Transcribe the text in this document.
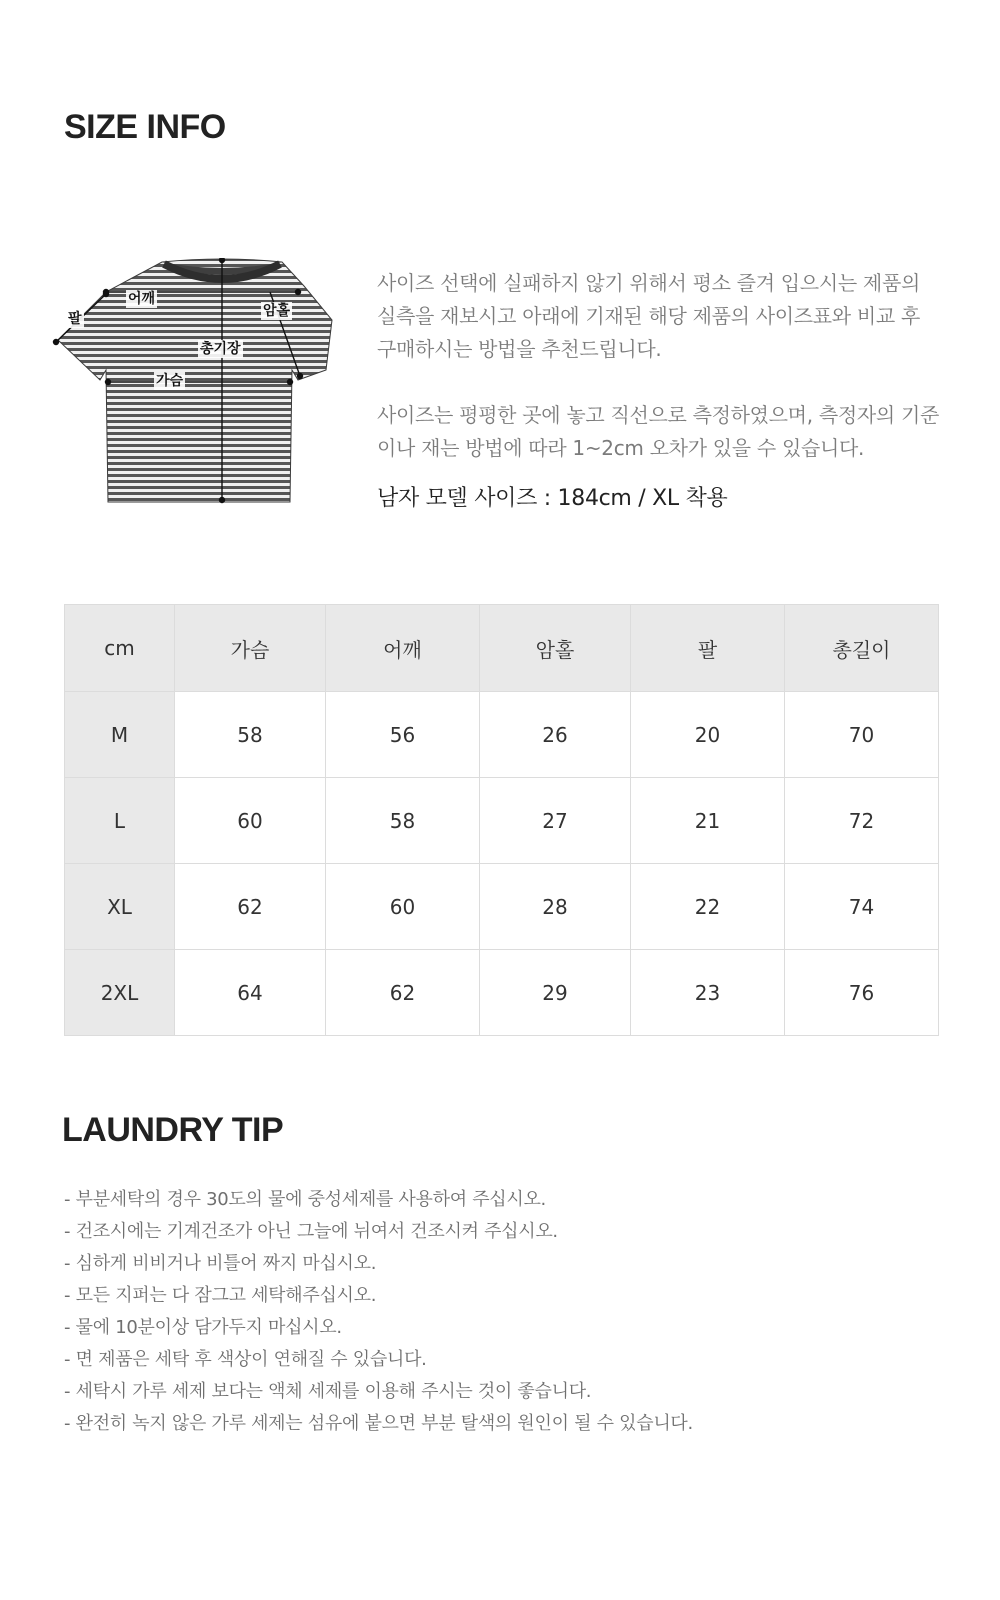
SIZE INFO
팔
어깨
암홀
총기장
가슴

사이즈 선택에 실패하지 않기 위해서 평소 즐겨 입으시는 제품의

실측을 재보시고 아래에 기재된 해당 제품의 사이즈표와 비교 후

구매하시는 방법을 추천드립니다.

사이즈는 평평한 곳에 놓고 직선으로 측정하였으며, 측정자의 기준

이나 재는 방법에 따라 1~2cm 오차가 있을 수 있습니다.

남자 모델 사이즈 : 184cm / XL 착용
cm	가슴	어깨	암홀	팔	총길이
M	58	56	26	20	70
L	60	58	27	21	72
XL	62	60	28	22	74
2XL	64	62	29	23	76
LAUNDRY TIP
- 부분세탁의 경우 30도의 물에 중성세제를 사용하여 주십시오.
- 건조시에는 기계건조가 아닌 그늘에 뉘여서 건조시켜 주십시오.
- 심하게 비비거나 비틀어 짜지 마십시오.
- 모든 지퍼는 다 잠그고 세탁해주십시오.
- 물에 10분이상 담가두지 마십시오.
- 면 제품은 세탁 후 색상이 연해질 수 있습니다.
- 세탁시 가루 세제 보다는 액체 세제를 이용해 주시는 것이 좋습니다.
- 완전히 녹지 않은 가루 세제는 섬유에 붙으면 부분 탈색의 원인이 될 수 있습니다.
